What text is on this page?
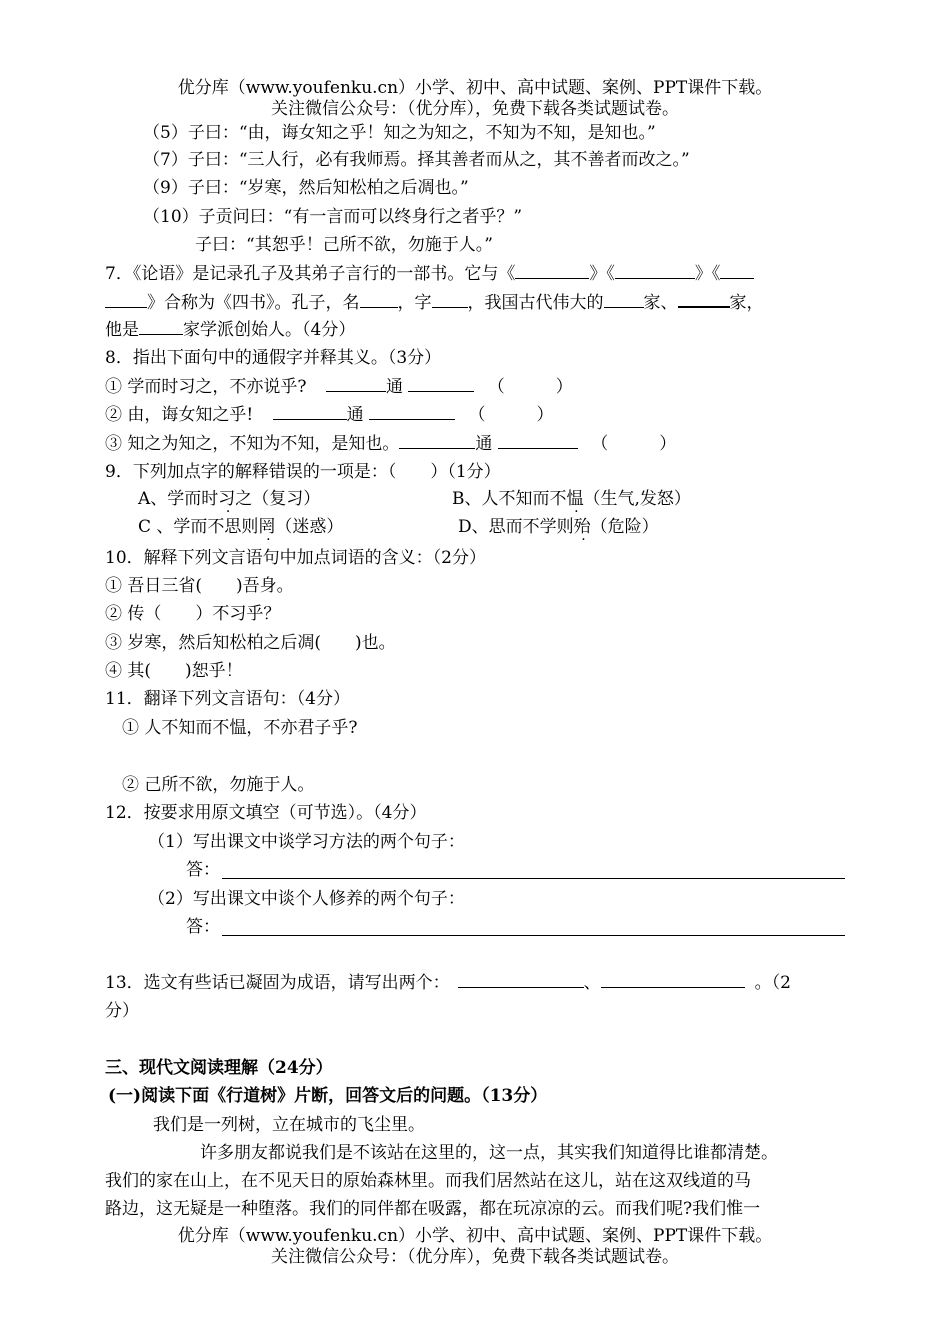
优分库（www.youfenku.cn）小学、初中、高中试题、案例、PPT课件下载。
关注微信公众号：（优分库），免费下载各类试题试卷。
（5）子曰：“由，诲女知之乎！知之为知之，不知为不知，是知也。”
（7）子曰：“三人行，必有我师焉。择其善者而从之，其不善者而改之。”
（9）子曰：“岁寒，然后知松柏之后凋也。”
（10）子贡问曰：“有一言而可以终身行之者乎？”
子曰：“其恕乎！己所不欲，勿施于人。”
7．《论语》是记录孔子及其弟子言行的一部书。它与《	》《	》《
》合称为《四书》。孔子，名 ，字 ，我国古代伟大的 家、	家，
他是	家学派创始人。（4分）
8．指出下面句中的通假字并释其义。（3分）
① 学而时习之，不亦说乎?	通	（　　　）
② 由，诲女知之乎!	通	（　　　）
③ 知之为知之，不知为不知，是知也。	通	（　　　）
9．下列加点字的解释错误的一项是：（　　）（1分）
A、学而时习之（复习）	B、人不知而不愠（生气,发怒）
C 、学而不思则罔（迷惑）	D、思而不学则殆（危险）
10．解释下列文言语句中加点词语的含义：（2分）
① 吾日三省(　　)吾身。
② 传（　　）不习乎？
③ 岁寒，然后知松柏之后凋(　　)也。
④ 其(　　)恕乎！
11．翻译下列文言语句：（4分）
① 人不知而不愠，不亦君子乎?
② 己所不欲，勿施于人。
12．按要求用原文填空（可节选）。（4分）
（1）写出课文中谈学习方法的两个句子：
答：
（2）写出课文中谈个人修养的两个句子：
答：
13．选文有些话已凝固为成语，请写出两个：	、	。（2
分）
三、现代文阅读理解（24分）
(一)阅读下面《行道树》片断，回答文后的问题。（13分）
我们是一列树，立在城市的飞尘里。
许多朋友都说我们是不该站在这里的，这一点，其实我们知道得比谁都清楚。
我们的家在山上，在不见天日的原始森林里。而我们居然站在这儿，站在这双线道的马
路边，这无疑是一种堕落。我们的同伴都在吸露，都在玩凉凉的云。而我们呢?我们惟一
优分库（www.youfenku.cn）小学、初中、高中试题、案例、PPT课件下载。
关注微信公众号：（优分库），免费下载各类试题试卷。
